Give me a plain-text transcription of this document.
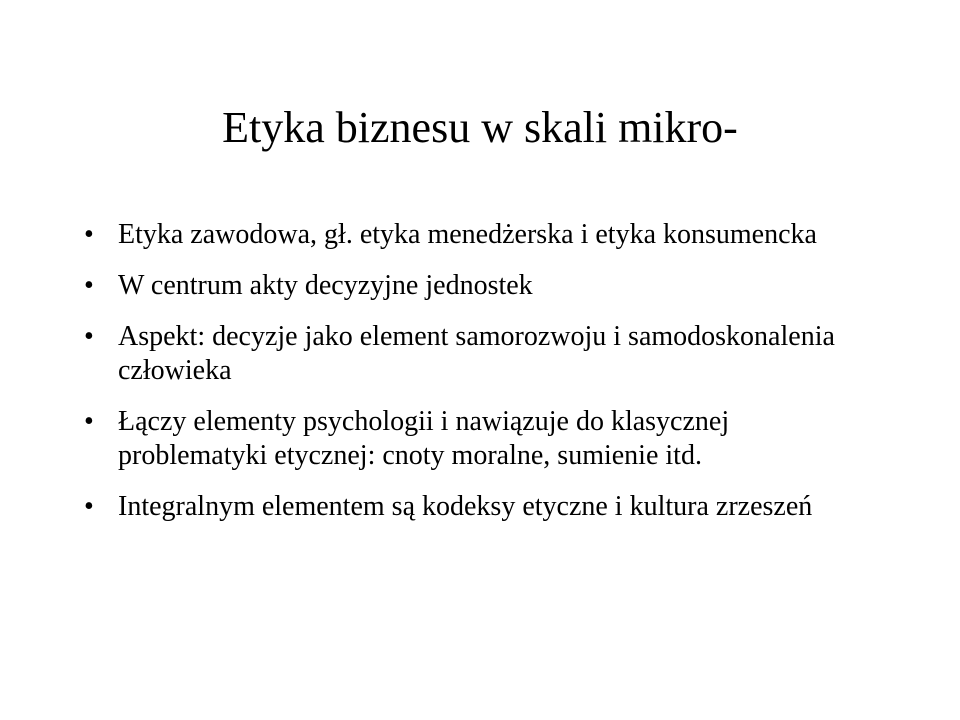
Etyka biznesu w skali mikro-
• Etyka zawodowa, gł. etyka menedżerska i etyka konsumencka
• W centrum akty decyzyjne jednostek
• Aspekt: decyzje jako element samorozwoju i samodoskonalenia człowieka
• Łączy elementy psychologii i nawiązuje do klasycznej problematyki etycznej: cnoty moralne, sumienie itd.
• Integralnym elementem są kodeksy etyczne i kultura zrzeszeń
